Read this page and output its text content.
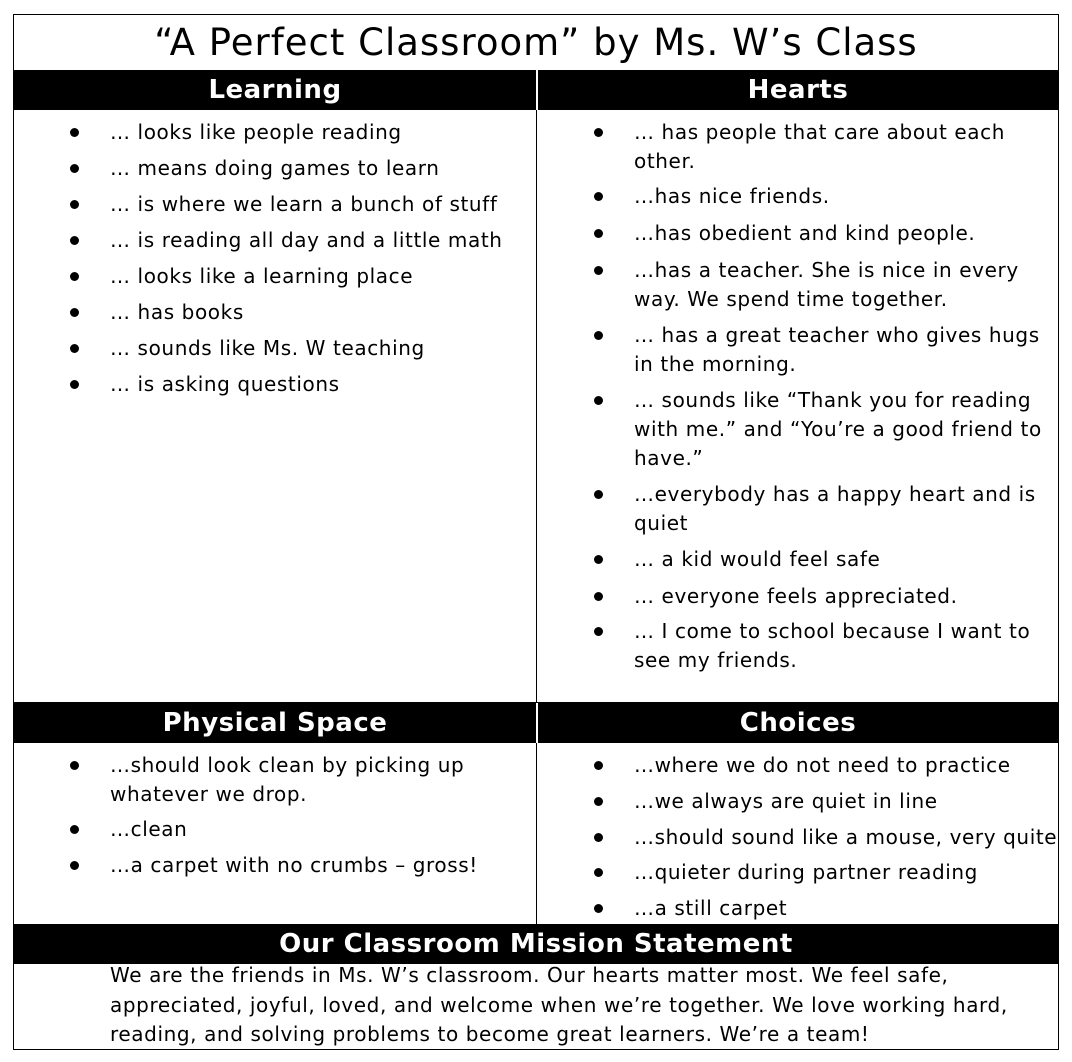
“A Perfect Classroom” by Ms. W’s Class
Learning	Hearts
Physical Space	Choices
Our Classroom Mission Statement
… looks like people reading
… means doing games to learn
… is where we learn a bunch of stuff
… is reading all day and a little math
… looks like a learning place
… has books
… sounds like Ms. W teaching
… is asking questions
… has people that care about each other.
…has nice friends.
…has obedient and kind people.
…has a teacher. She is nice in every way. We spend time together.
… has a great teacher who gives hugs in the morning.
… sounds like “Thank you for reading with me.” and “You’re a good friend to have.”
…everybody has a happy heart and is quiet
… a kid would feel safe
… everyone feels appreciated.
… I come to school because I want to see my friends.
…should look clean by picking up whatever we drop.
…clean
…a carpet with no crumbs – gross!
…where we do not need to practice
…we always are quiet in line
…should sound like a mouse, very quite
…quieter during partner reading
…a still carpet
We are the friends in Ms. W’s classroom. Our hearts matter most. We feel safe, appreciated, joyful, loved, and welcome when we’re together. We love working hard, reading, and solving problems to become great learners. We’re a team!
